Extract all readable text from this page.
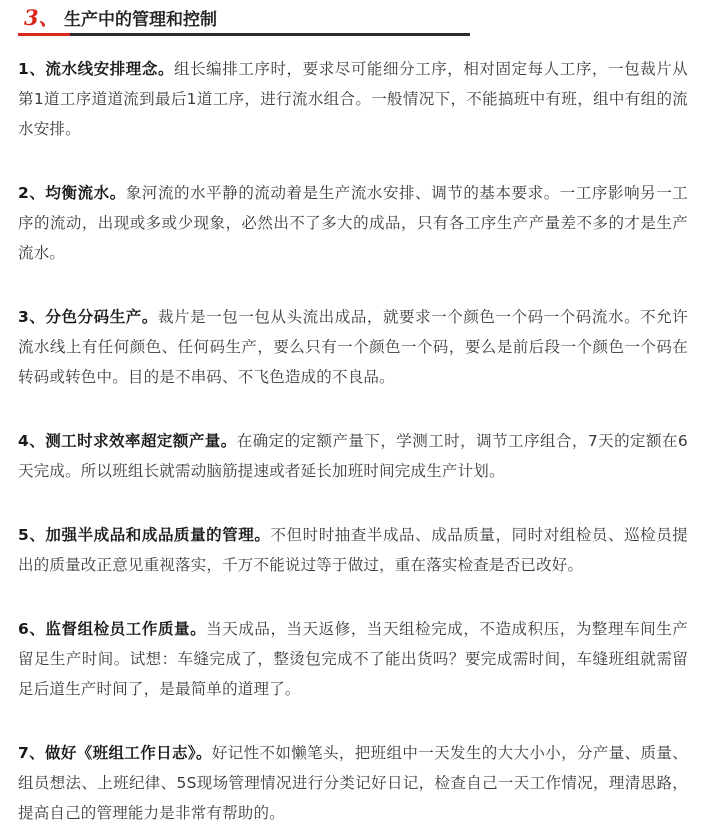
3、 生产中的管理和控制

1、流水线安排理念。组长编排工序时，要求尽可能细分工序，相对固定每人工序，一包裁片从第1道工序道道流到最后1道工序，进行流水组合。一般情况下，不能搞班中有班，组中有组的流水安排。

2、均衡流水。象河流的水平静的流动着是生产流水安排、调节的基本要求。一工序影响另一工序的流动，出现或多或少现象，必然出不了多大的成品，只有各工序生产产量差不多的才是生产流水。

3、分色分码生产。裁片是一包一包从头流出成品，就要求一个颜色一个码一个码流水。不允许流水线上有任何颜色、任何码生产，要么只有一个颜色一个码，要么是前后段一个颜色一个码在转码或转色中。目的是不串码、不飞色造成的不良品。

4、测工时求效率超定额产量。在确定的定额产量下，学测工时，调节工序组合，7天的定额在6天完成。所以班组长就需动脑筋提速或者延长加班时间完成生产计划。

5、加强半成品和成品质量的管理。不但时时抽查半成品、成品质量，同时对组检员、巡检员提出的质量改正意见重视落实，千万不能说过等于做过，重在落实检查是否已改好。

6、监督组检员工作质量。当天成品，当天返修，当天组检完成，不造成积压，为整理车间生产留足生产时间。试想：车缝完成了，整烫包完成不了能出货吗？要完成需时间，车缝班组就需留足后道生产时间了，是最简单的道理了。

7、做好《班组工作日志》。好记性不如懒笔头，把班组中一天发生的大大小小，分产量、质量、组员想法、上班纪律、5S现场管理情况进行分类记好日记，检查自己一天工作情况，理清思路，提高自己的管理能力是非常有帮助的。
